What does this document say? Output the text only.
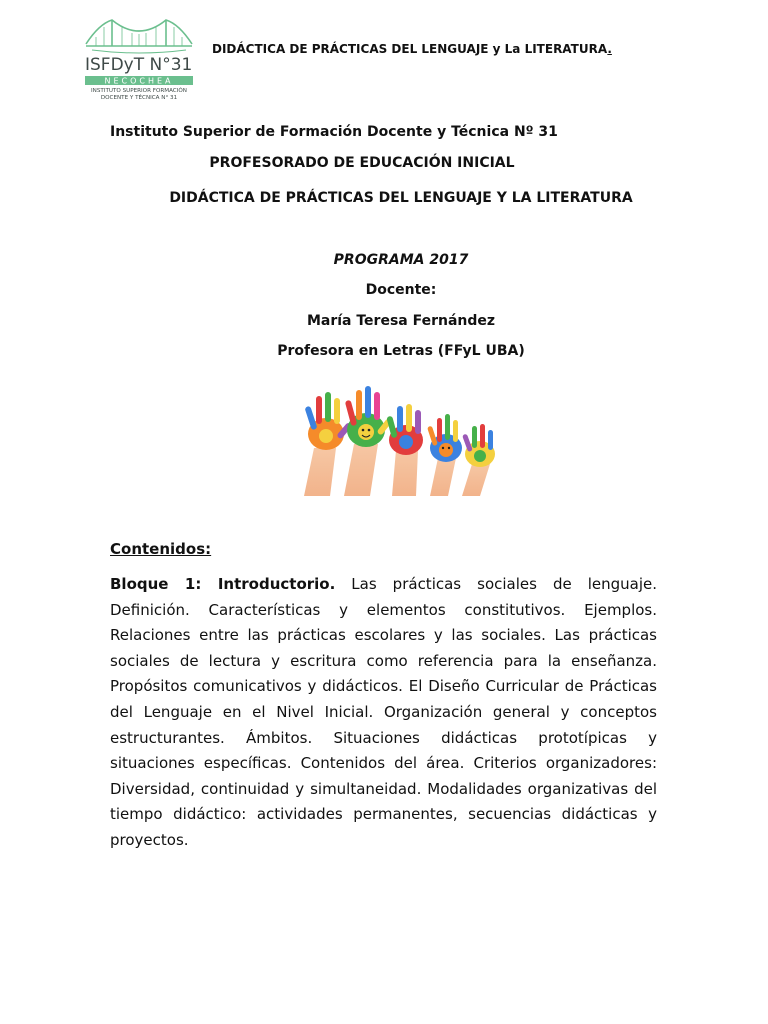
ISFDyT N°31
NECOCHEA
INSTITUTO SUPERIOR FORMACIÓN
DOCENTE Y TÉCNICA N° 31
DIDÁCTICA DE PRÁCTICAS DEL LENGUAJE y La LITERATURA.
Instituto Superior de Formación Docente y Técnica Nº 31
PROFESORADO DE EDUCACIÓN INICIAL
DIDÁCTICA DE PRÁCTICAS DEL LENGUAJE Y LA LITERATURA
PROGRAMA 2017
Docente:
María Teresa Fernández
Profesora en Letras (FFyL UBA)
Contenidos:
Bloque 1: Introductorio. Las prácticas sociales de lenguaje. Definición. Características y elementos constitutivos. Ejemplos. Relaciones entre las prácticas escolares y las sociales. Las prácticas sociales de lectura y escritura como referencia para la enseñanza. Propósitos comunicativos y didácticos. El Diseño Curricular de Prácticas del Lenguaje en el Nivel Inicial. Organización general y conceptos estructurantes. Ámbitos. Situaciones didácticas prototípicas y situaciones específicas. Contenidos del área. Criterios organizadores: Diversidad, continuidad y simultaneidad. Modalidades organizativas del tiempo didáctico: actividades permanentes, secuencias didácticas y proyectos.
